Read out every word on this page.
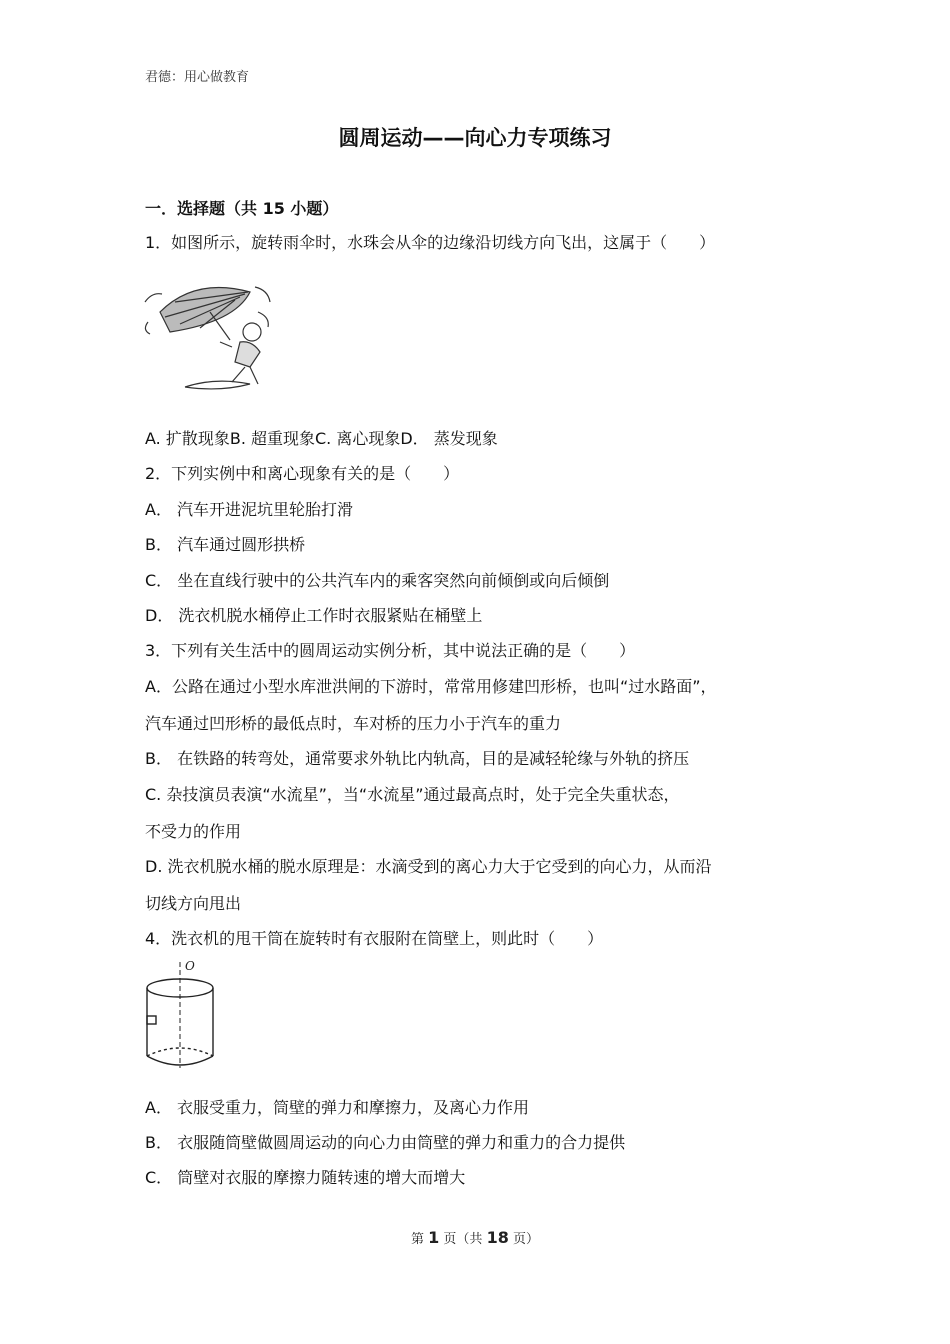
君德：用心做教育
圆周运动——向心力专项练习
一．选择题（共 15 小题）
1．如图所示，旋转雨伞时，水珠会从伞的边缘沿切线方向飞出，这属于（　　）
A. 扩散现象B. 超重现象C. 离心现象D． 蒸发现象
2．下列实例中和离心现象有关的是（　　）
A． 汽车开进泥坑里轮胎打滑
B． 汽车通过圆形拱桥
C． 坐在直线行驶中的公共汽车内的乘客突然向前倾倒或向后倾倒
D． 洗衣机脱水桶停止工作时衣服紧贴在桶壁上
3．下列有关生活中的圆周运动实例分析，其中说法正确的是（　　）
A．公路在通过小型水库泄洪闸的下游时，常常用修建凹形桥，也叫“过水路面”，
汽车通过凹形桥的最低点时，车对桥的压力小于汽车的重力
B． 在铁路的转弯处，通常要求外轨比内轨高，目的是减轻轮缘与外轨的挤压
C. 杂技演员表演“水流星”，当“水流星”通过最高点时，处于完全失重状态，
不受力的作用
D. 洗衣机脱水桶的脱水原理是：水滴受到的离心力大于它受到的向心力，从而沿
切线方向甩出
4．洗衣机的甩干筒在旋转时有衣服附在筒壁上，则此时（　　）
O
A． 衣服受重力，筒壁的弹力和摩擦力，及离心力作用
B． 衣服随筒壁做圆周运动的向心力由筒壁的弹力和重力的合力提供
C． 筒壁对衣服的摩擦力随转速的增大而增大
第 1 页（共 18 页）
